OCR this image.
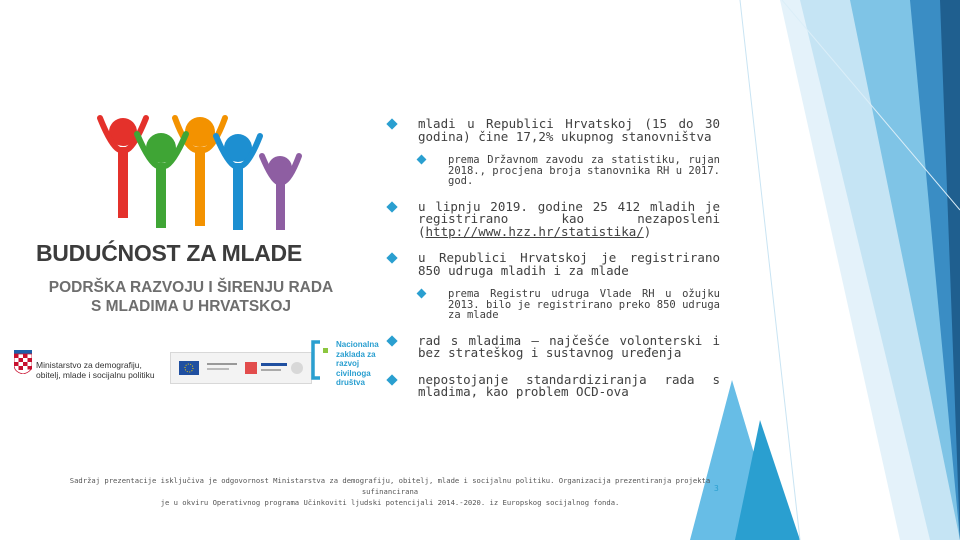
BUDUĆNOST ZA MLADE
PODRŠKA RAZVOJU I ŠIRENJU RADA
S MLADIMA U HRVATSKOJ
Ministarstvo za demografiju,
obitelj, mlade i socijalnu politiku
Nacionalna
zaklada za
razvoj
civilnoga
društva
mladi u Republici Hrvatskoj (15 do 30 godina) čine 17,2% ukupnog stanovništva
prema Državnom zavodu za statistiku, rujan 2018., procjena broja stanovnika RH u 2017. god.
u lipnju 2019. godine 25 412 mladih je registrirano kao nezaposleni (http://www.hzz.hr/statistika/)
u Republici Hrvatskoj je registrirano 850 udruga mladih i za mlade
prema Registru udruga Vlade RH u ožujku 2013. bilo je registrirano preko 850 udruga za mlade
rad s mladima – najčešće volonterski i bez strateškog i sustavnog uređenja
nepostojanje standardiziranja rada s mladima, kao problem OCD-ova
Sadržaj prezentacije isključiva je odgovornost Ministarstva za demografiju, obitelj, mlade i socijalnu politiku. Organizacija prezentiranja projekta sufinancirana
je u okviru Operativnog programa Učinkoviti ljudski potencijali 2014.-2020. iz Europskog socijalnog fonda.
3
